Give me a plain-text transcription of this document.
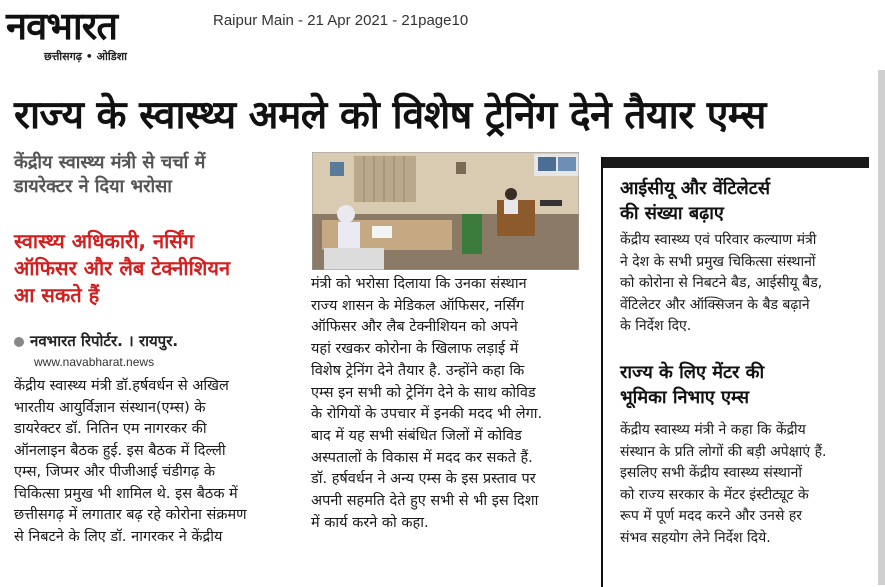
नवभारत
छत्तीसगढ़ • ओडिशा
Raipur Main - 21 Apr 2021 - 21page10
राज्य के स्वास्थ्य अमले को विशेष ट्रेनिंग देने तैयार एम्स
केंद्रीय स्वास्थ्य मंत्री से चर्चा में
डायरेक्टर ने दिया भरोसा
स्वास्थ्य अधिकारी, नर्सिंग
ऑफिसर और लैब टेक्नीशियन
आ सकते हैं
नवभारत रिपोर्टर. । रायपुर.
www.navabharat.news
केंद्रीय स्वास्थ्य मंत्री डॉ.हर्षवर्धन से अखिल
भारतीय आयुर्विज्ञान संस्थान(एम्स) के
डायरेक्टर डॉ. नितिन एम नागरकर की
ऑनलाइन बैठक हुई. इस बैठक में दिल्ली
एम्स, जिप्मर और पीजीआई चंडीगढ़ के
चिकित्सा प्रमुख भी शामिल थे. इस बैठक में
छत्तीसगढ़ में लगातार बढ़ रहे कोरोना संक्रमण
से निबटने के लिए डॉ. नागरकर ने केंद्रीय
मंत्री को भरोसा दिलाया कि उनका संस्थान
राज्य शासन के मेडिकल ऑफिसर, नर्सिंग
ऑफिसर और लैब टेक्नीशियन को अपने
यहां रखकर कोरोना के खिलाफ लड़ाई में
विशेष ट्रेनिंग देने तैयार है. उन्होंने कहा कि
एम्स इन सभी को ट्रेनिंग देने के साथ कोविड
के रोगियों के उपचार में इनकी मदद भी लेगा.
बाद में यह सभी संबंधित जिलों में कोविड
अस्पतालों के विकास में मदद कर सकते हैं.
डॉ. हर्षवर्धन ने अन्य एम्स के इस प्रस्ताव पर
अपनी सहमति देते हुए सभी से भी इस दिशा
में कार्य करने को कहा.
आईसीयू और वेंटिलेटर्स
की संख्या बढ़ाए
केंद्रीय स्वास्थ्य एवं परिवार कल्याण मंत्री
ने देश के सभी प्रमुख चिकित्सा संस्थानों
को कोरोना से निबटने बैड, आईसीयू बैड,
वेंटिलेटर और ऑक्सिजन के बैड बढ़ाने
के निर्देश दिए.
राज्य के लिए मेंटर की
भूमिका निभाए एम्स
केंद्रीय स्वास्थ्य मंत्री ने कहा कि केंद्रीय
संस्थान के प्रति लोगों की बड़ी अपेक्षाएं हैं.
इसलिए सभी केंद्रीय स्वास्थ्य संस्थानों
को राज्य सरकार के मेंटर इंस्टीट्यूट के
रूप में पूर्ण मदद करने और उनसे हर
संभव सहयोग लेने निर्देश दिये.
